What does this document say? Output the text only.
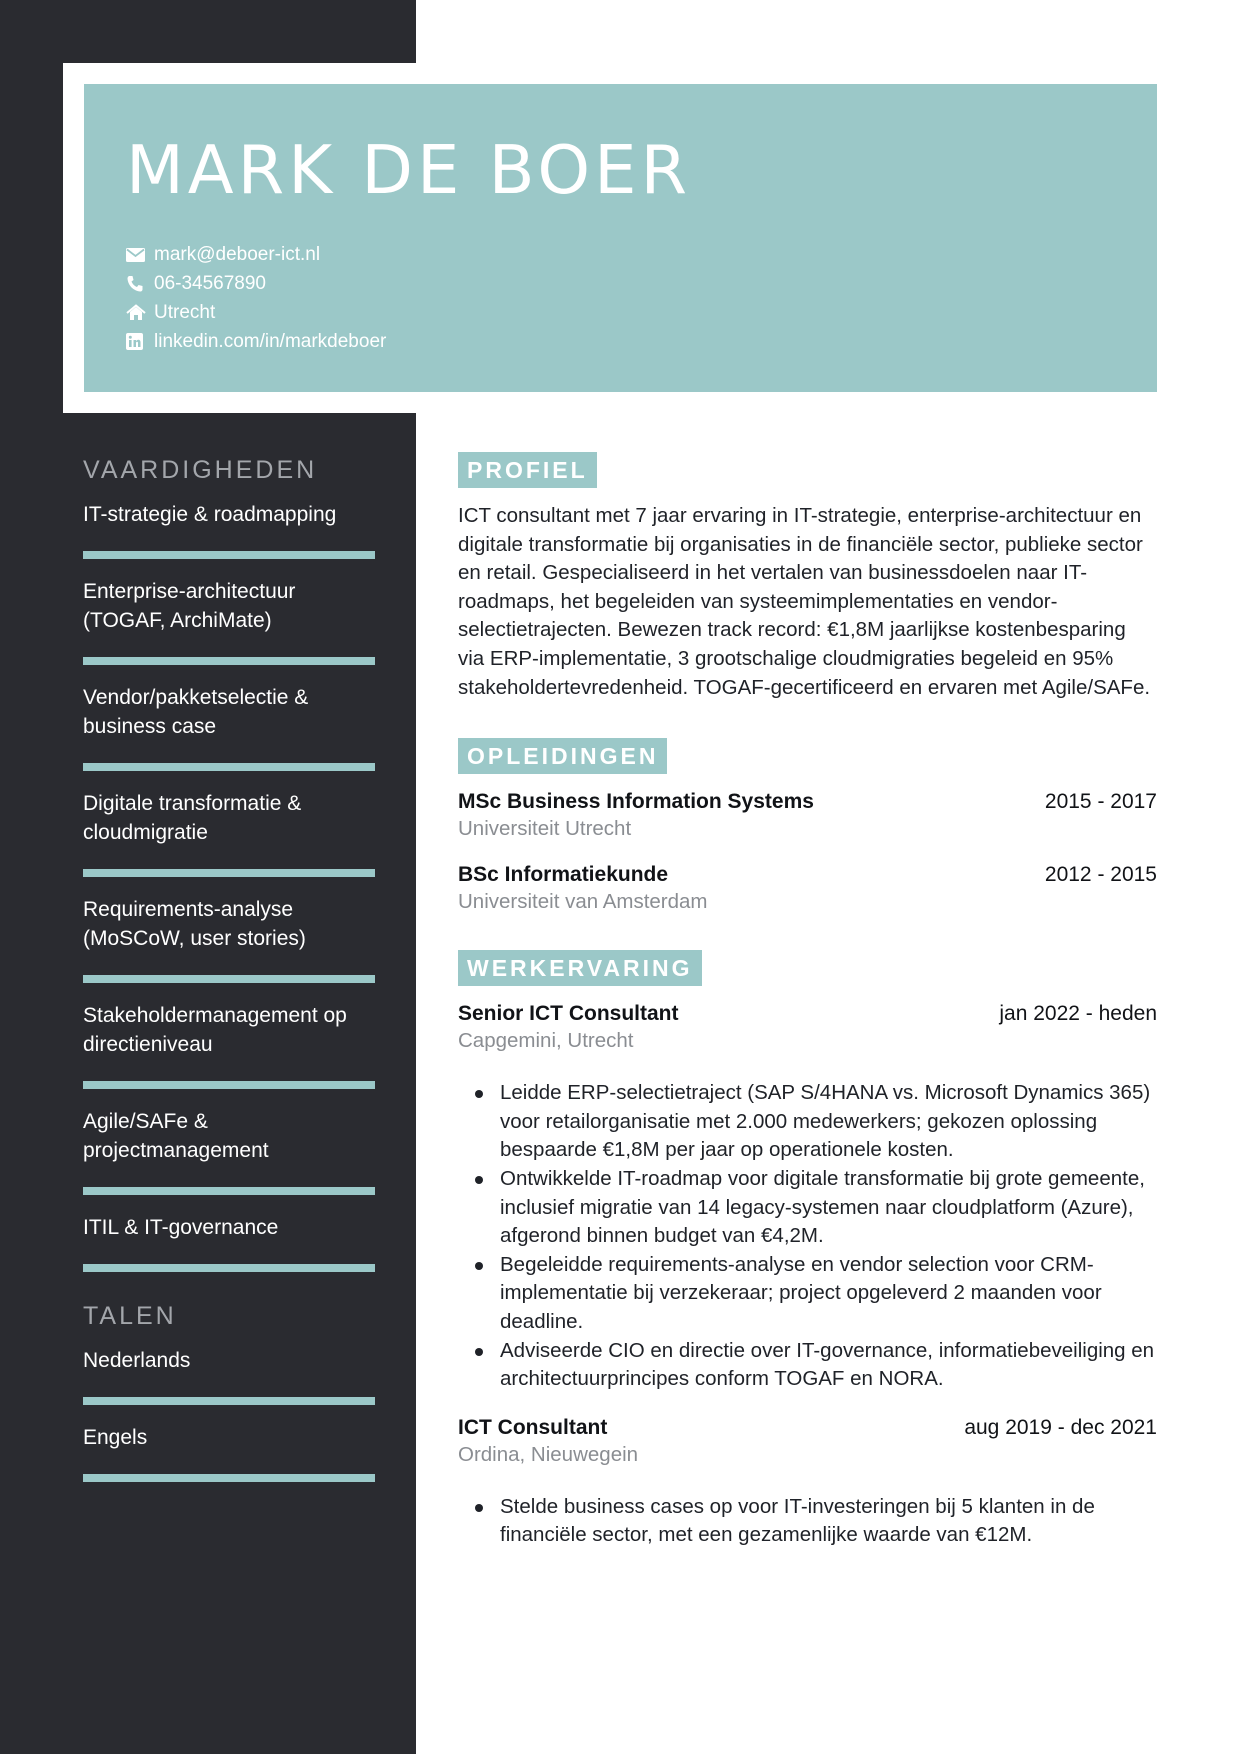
MARK DE BOER
mark@deboer-ict.nl
06-34567890
Utrecht
linkedin.com/in/markdeboer
VAARDIGHEDEN
IT-strategie & roadmapping
Enterprise-architectuur (TOGAF, ArchiMate)
Vendor/pakketselectie & business case
Digitale transformatie & cloudmigratie
Requirements-analyse (MoSCoW, user stories)
Stakeholdermanagement op directieniveau
Agile/SAFe & projectmanagement
ITIL & IT-governance
TALEN
Nederlands
Engels
PROFIEL

ICT consultant met 7 jaar ervaring in IT-strategie, enterprise-architectuur en digitale transformatie bij organisaties in de financiële sector, publieke sector en retail. Gespecialiseerd in het vertalen van businessdoelen naar IT-roadmaps, het begeleiden van systeemimplementaties en vendor-selectietrajecten. Bewezen track record: €1,8M jaarlijkse kostenbesparing via ERP-implementatie, 3 grootschalige cloudmigraties begeleid en 95% stakeholdertevredenheid. TOGAF-gecertificeerd en ervaren met Agile/SAFe.

OPLEIDINGEN
MSc Business Information Systems	2015 - 2017
Universiteit Utrecht
BSc Informatiekunde	2012 - 2015
Universiteit van Amsterdam
WERKERVARING
Senior ICT Consultant	jan 2022 - heden
Capgemini, Utrecht
Leidde ERP-selectietraject (SAP S/4HANA vs. Microsoft Dynamics 365) voor retailorganisatie met 2.000 medewerkers; gekozen oplossing bespaarde €1,8M per jaar op operationele kosten.
Ontwikkelde IT-roadmap voor digitale transformatie bij grote gemeente, inclusief migratie van 14 legacy-systemen naar cloudplatform (Azure), afgerond binnen budget van €4,2M.
Begeleidde requirements-analyse en vendor selection voor CRM-implementatie bij verzekeraar; project opgeleverd 2 maanden voor deadline.
Adviseerde CIO en directie over IT-governance, informatiebeveiliging en architectuurprincipes conform TOGAF en NORA.
ICT Consultant	aug 2019 - dec 2021
Ordina, Nieuwegein
Stelde business cases op voor IT-investeringen bij 5 klanten in de financiële sector, met een gezamenlijke waarde van €12M.
